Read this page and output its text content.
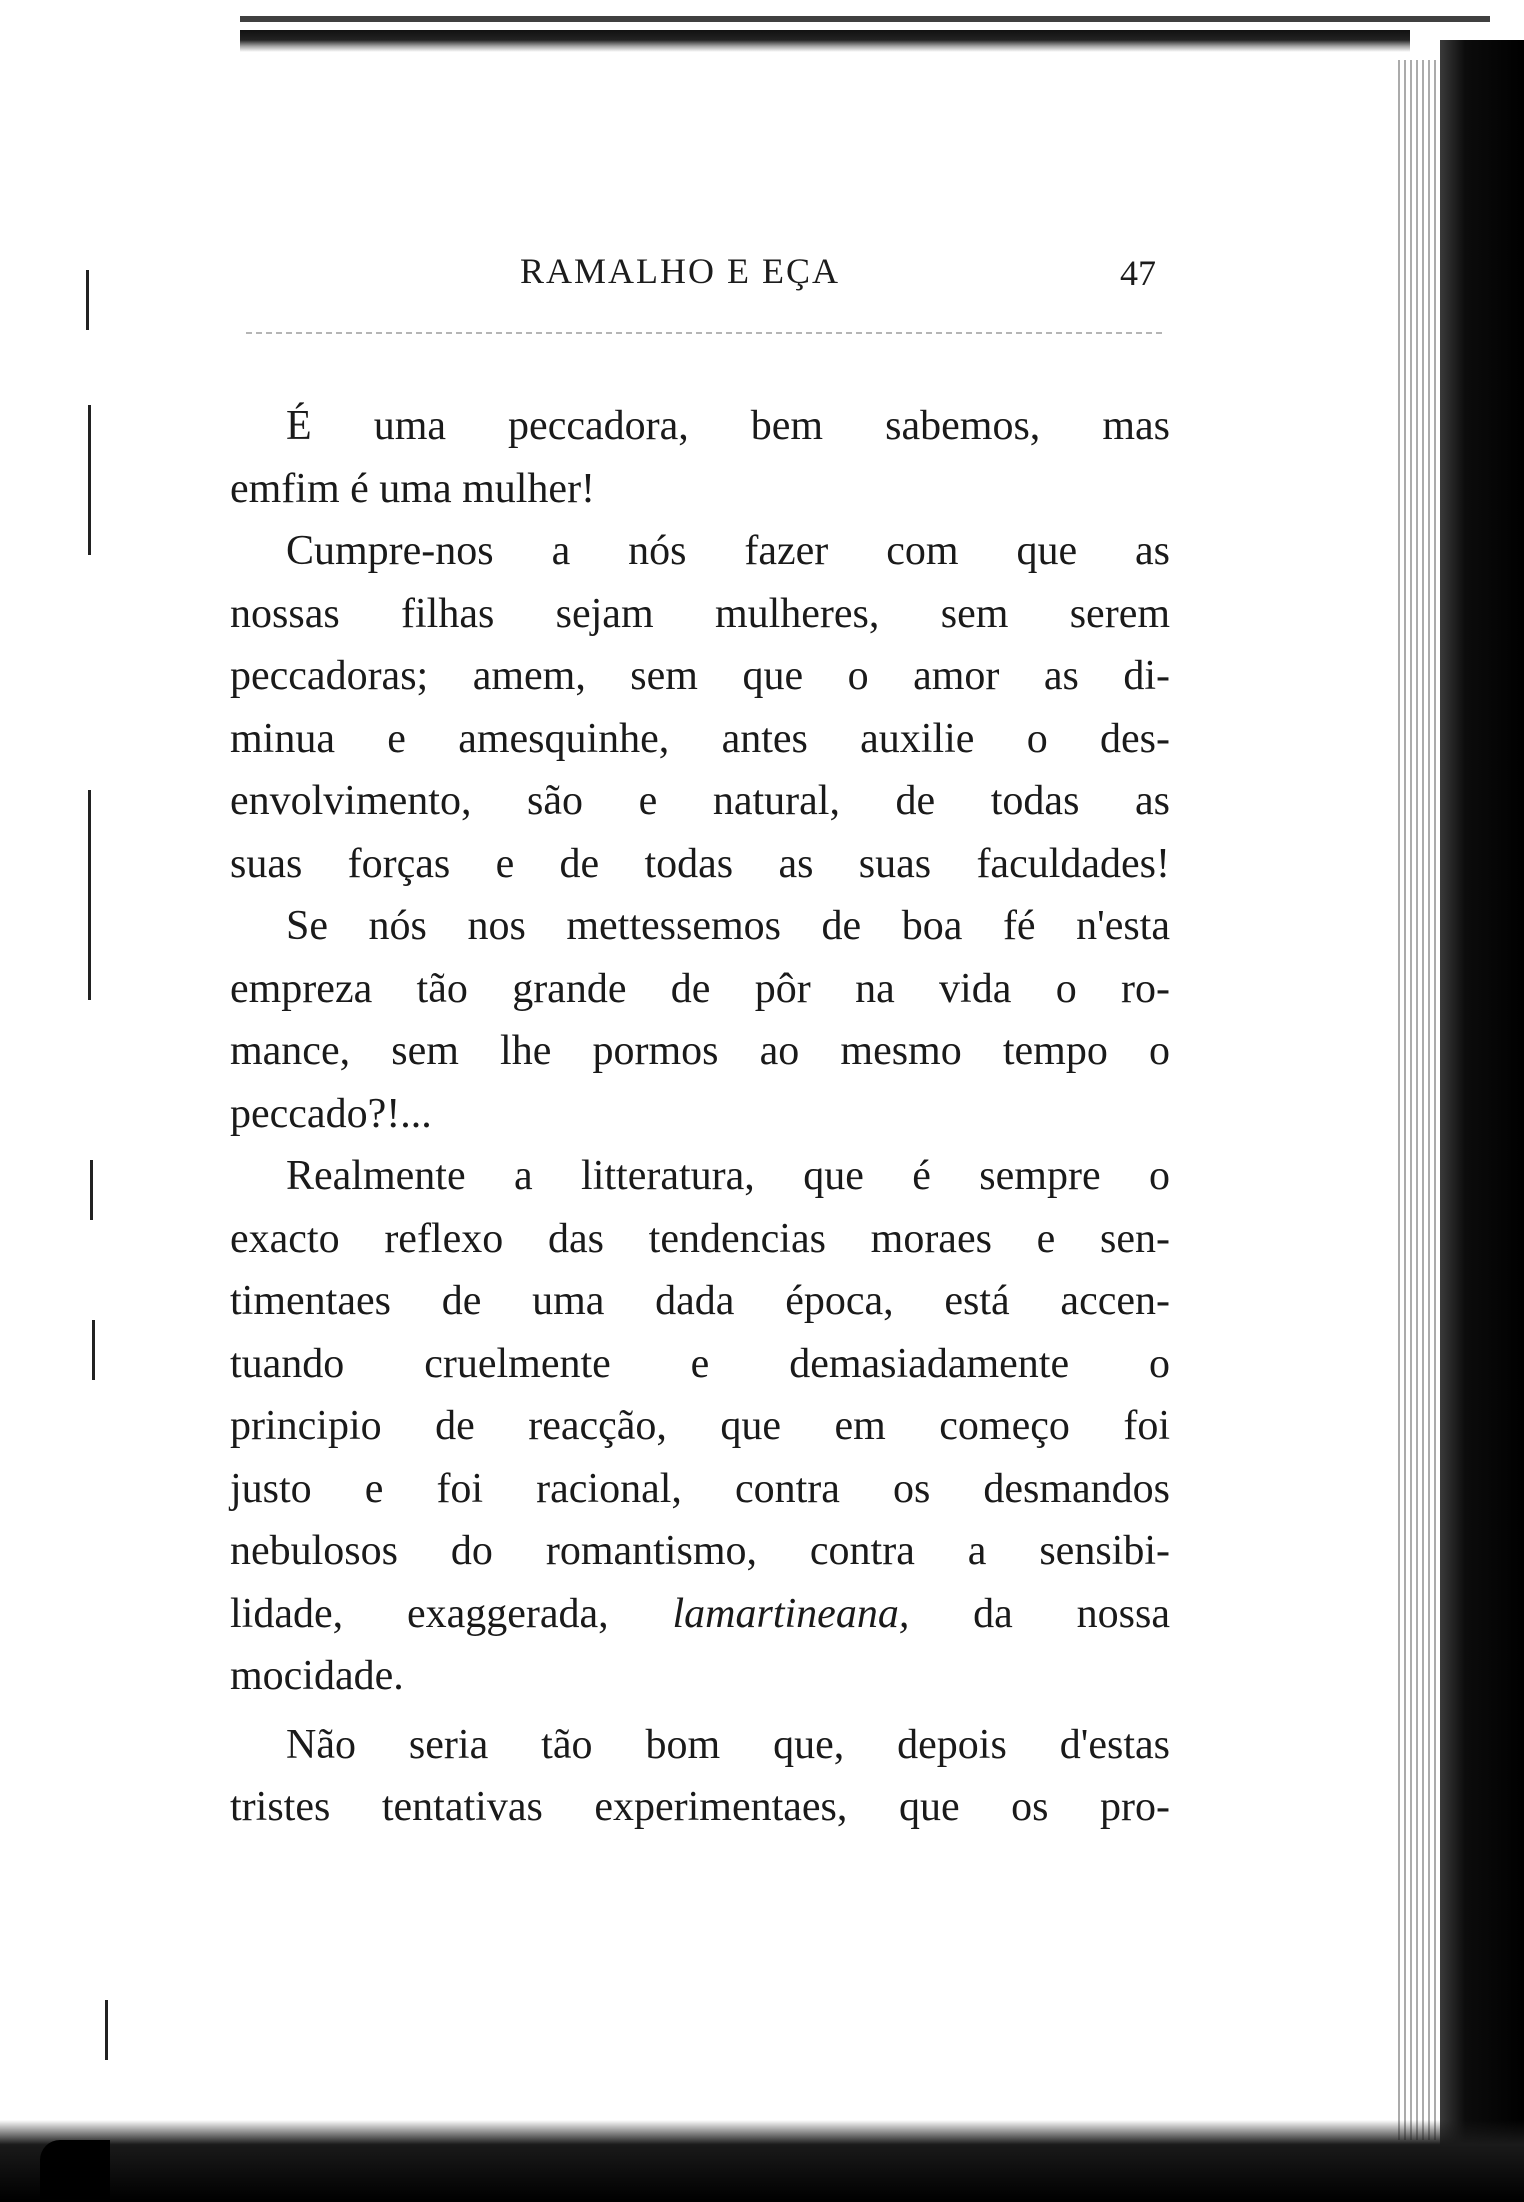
RAMALHO E EÇA	47
É uma peccadora, bem sabemos, mas
emfim é uma mulher!
Cumpre-nos a nós fazer com que as
nossas filhas sejam mulheres, sem serem
peccadoras; amem, sem que o amor as di-
minua e amesquinhe, antes auxilie o des-
envolvimento, são e natural, de todas as
suas forças e de todas as suas faculdades!
Se nós nos mettessemos de boa fé n'esta
empreza tão grande de pôr na vida o ro-
mance, sem lhe pormos ao mesmo tempo o
peccado?!...
Realmente a litteratura, que é sempre o
exacto reflexo das tendencias moraes e sen-
timentaes de uma dada época, está accen-
tuando cruelmente e demasiadamente o
principio de reacção, que em começo foi
justo e foi racional, contra os desmandos
nebulosos do romantismo, contra a sensibi-
lidade, exaggerada, lamartineana, da nossa
mocidade.
Não seria tão bom que, depois d'estas
tristes tentativas experimentaes, que os pro-
